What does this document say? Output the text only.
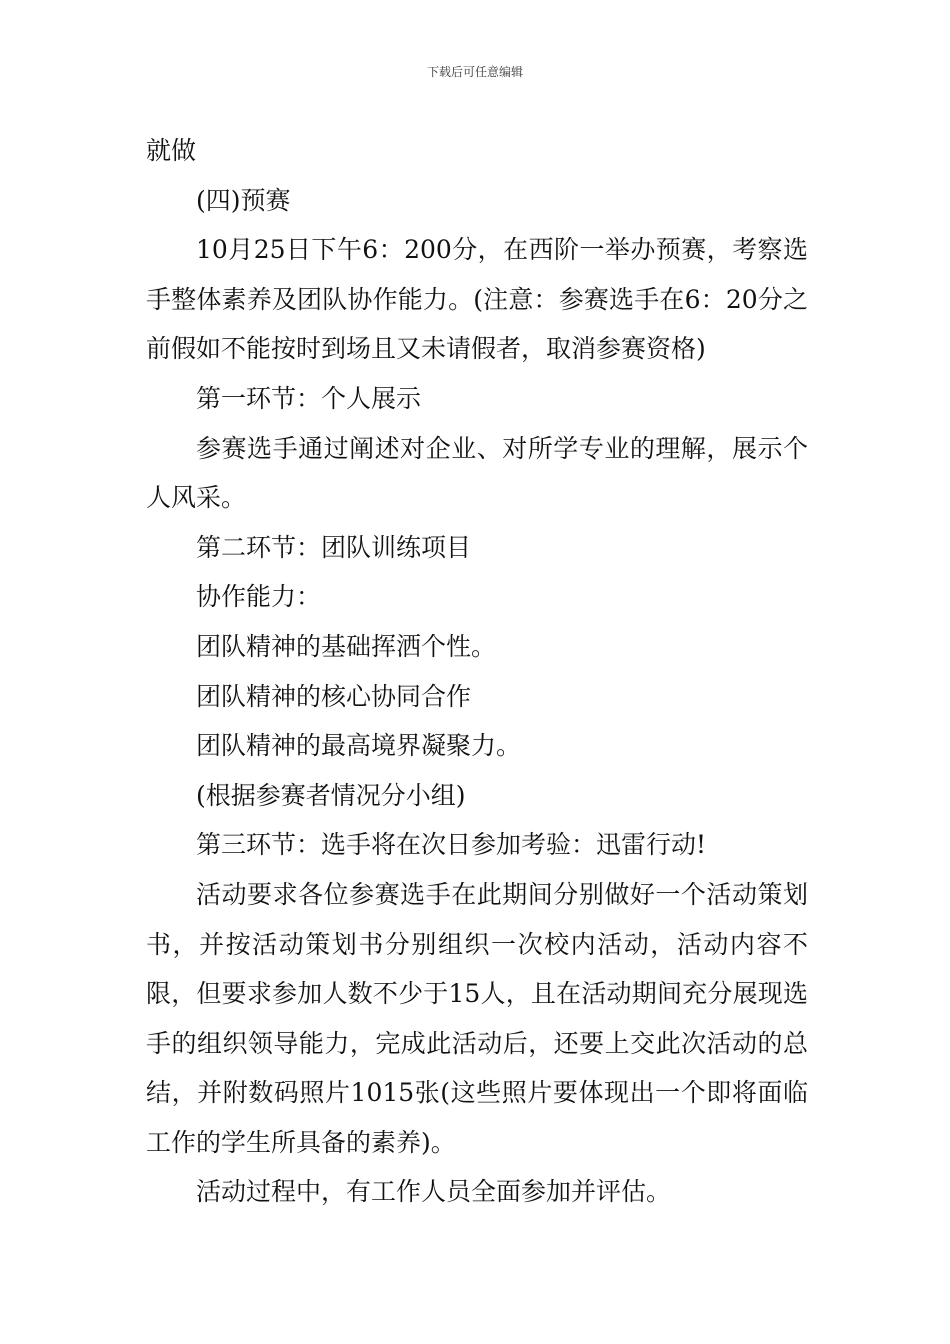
下载后可任意编辑

就做

(四)预赛

10月25日下午6：200分，在西阶一举办预赛，考察选手整体素养及团队协作能力。(注意：参赛选手在6：20分之前假如不能按时到场且又未请假者，取消参赛资格)

第一环节：个人展示

参赛选手通过阐述对企业、对所学专业的理解，展示个人风采。

第二环节：团队训练项目

协作能力：

团队精神的基础挥洒个性。

团队精神的核心协同合作

团队精神的最高境界凝聚力。

(根据参赛者情况分小组)

第三环节：选手将在次日参加考验：迅雷行动!

活动要求各位参赛选手在此期间分别做好一个活动策划书，并按活动策划书分别组织一次校内活动，活动内容不限，但要求参加人数不少于15人，且在活动期间充分展现选手的组织领导能力，完成此活动后，还要上交此次活动的总结，并附数码照片1015张(这些照片要体现出一个即将面临工作的学生所具备的素养)。

活动过程中，有工作人员全面参加并评估。
